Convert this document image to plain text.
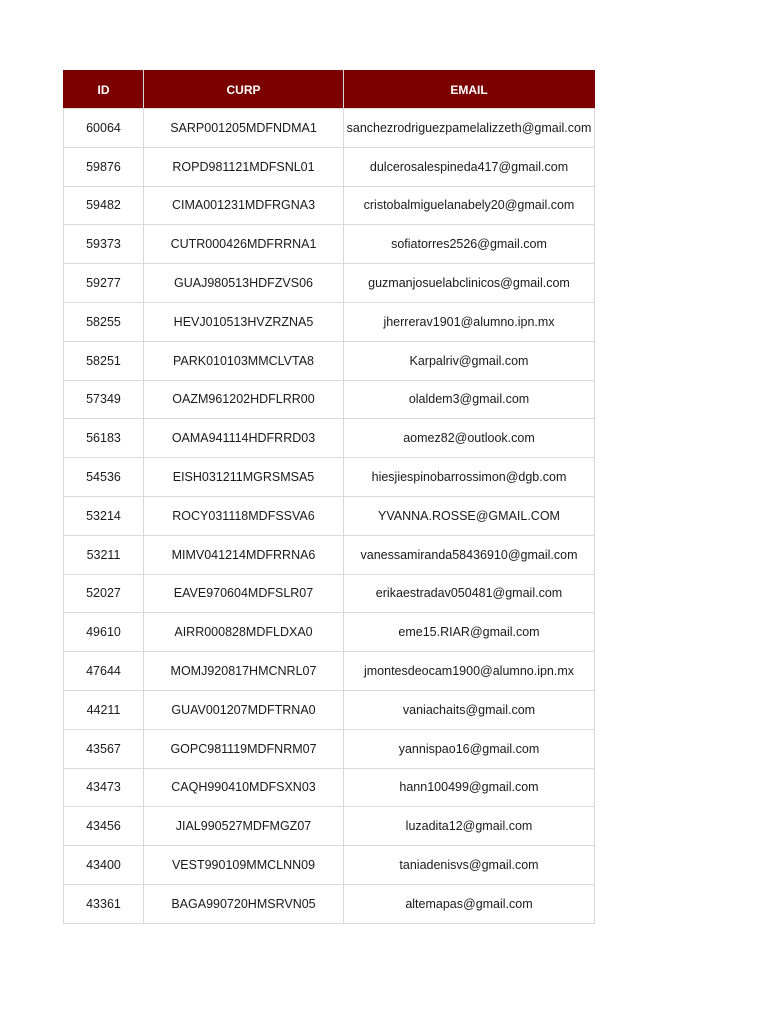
ID	CURP	EMAIL
60064	SARP001205MDFNDMA1	sanchezrodriguezpamelalizzeth@gmail.com
59876	ROPD981121MDFSNL01	dulcerosalespineda417@gmail.com
59482	CIMA001231MDFRGNA3	cristobalmiguelanabely20@gmail.com
59373	CUTR000426MDFRRNA1	sofiatorres2526@gmail.com
59277	GUAJ980513HDFZVS06	guzmanjosuelabclinicos@gmail.com
58255	HEVJ010513HVZRZNA5	jherrerav1901@alumno.ipn.mx
58251	PARK010103MMCLVTA8	Karpalriv@gmail.com
57349	OAZM961202HDFLRR00	olaldem3@gmail.com
56183	OAMA941114HDFRRD03	aomez82@outlook.com
54536	EISH031211MGRSMSA5	hiesjiespinobarrossimon@dgb.com
53214	ROCY031118MDFSSVA6	YVANNA.ROSSE@GMAIL.COM
53211	MIMV041214MDFRRNA6	vanessamiranda58436910@gmail.com
52027	EAVE970604MDFSLR07	erikaestradav050481@gmail.com
49610	AIRR000828MDFLDXA0	eme15.RIAR@gmail.com
47644	MOMJ920817HMCNRL07	jmontesdeocam1900@alumno.ipn.mx
44211	GUAV001207MDFTRNA0	vaniachaits@gmail.com
43567	GOPC981119MDFNRM07	yannispao16@gmail.com
43473	CAQH990410MDFSXN03	hann100499@gmail.com
43456	JIAL990527MDFMGZ07	luzadita12@gmail.com
43400	VEST990109MMCLNN09	taniadenisvs@gmail.com
43361	BAGA990720HMSRVN05	altemapas@gmail.com
